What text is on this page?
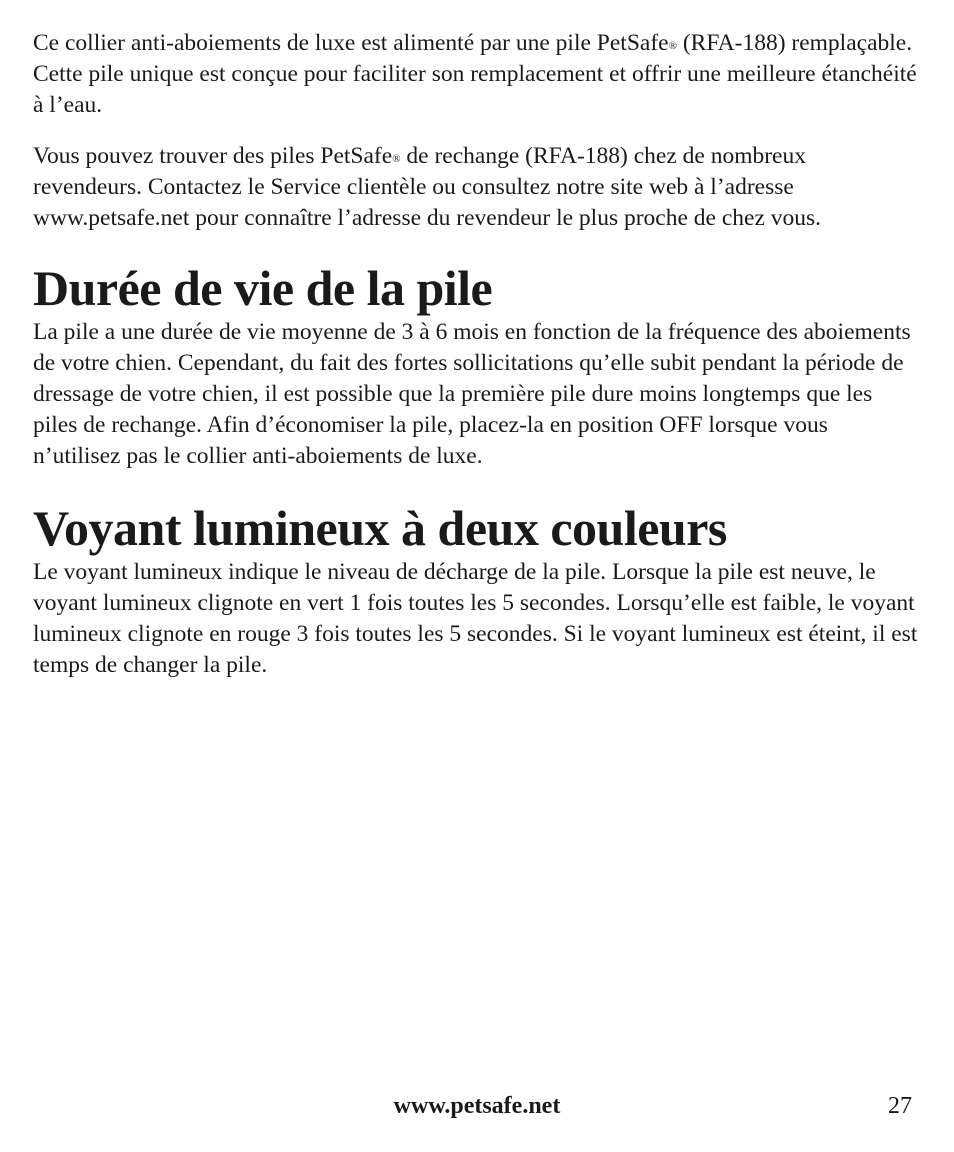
Ce collier anti-aboiements de luxe est alimenté par une pile PetSafe® (RFA-188) remplaçable. Cette pile unique est conçue pour faciliter son remplacement et offrir une meilleure étanchéité à l’eau.

Vous pouvez trouver des piles PetSafe® de rechange (RFA-188) chez de nombreux revendeurs. Contactez le Service clientèle ou consultez notre site web à l’adresse www.petsafe.net pour connaître l’adresse du revendeur le plus proche de chez vous.

Durée de vie de la pile

La pile a une durée de vie moyenne de 3 à 6 mois en fonction de la fréquence des aboiements de votre chien. Cependant, du fait des fortes sollicitations qu’elle subit pendant la période de dressage de votre chien, il est possible que la première pile dure moins longtemps que les piles de rechange. Afin d’économiser la pile, placez-la en position OFF lorsque vous n’utilisez pas le collier anti-aboiements de luxe.

Voyant lumineux à deux couleurs

Le voyant lumineux indique le niveau de décharge de la pile. Lorsque la pile est neuve, le voyant lumineux clignote en vert 1 fois toutes les 5 secondes. Lorsqu’elle est faible, le voyant lumineux clignote en rouge 3 fois toutes les 5 secondes. Si le voyant lumineux est éteint, il est temps de changer la pile.

www.petsafe.net	27
